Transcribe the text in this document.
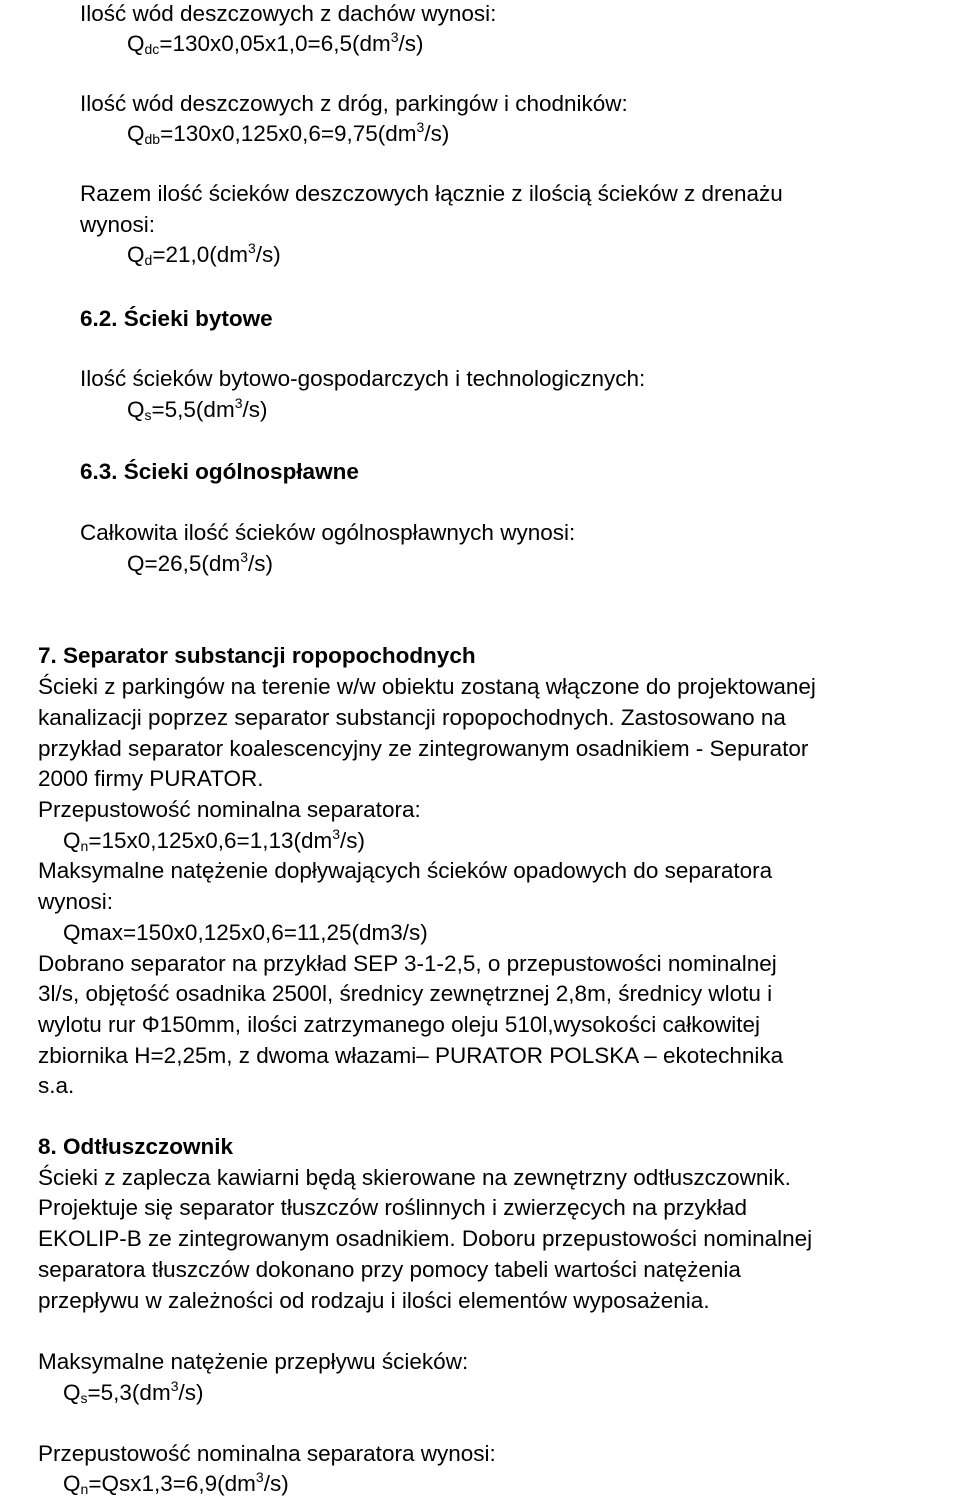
Ilość wód deszczowych z dachów wynosi:
$Q_{dc}=130x0,05x1,0=6,5(dm^3/s)$
Ilość wód deszczowych z dróg, parkingów i chodników:
$Q_{db}=130x0,125x0,6=9,75(dm^3/s)$
Razem ilość ścieków deszczowych łącznie z ilością ścieków z drenażu
wynosi:
$Q_d=21,0(dm^3/s)$
6.2. Ścieki bytowe
Ilość ścieków bytowo-gospodarczych i technologicznych:
$Q_s=5,5(dm^3/s)$
6.3. Ścieki ogólnospławne
Całkowita ilość ścieków ogólnospławnych wynosi:
$Q=26,5(dm^3/s)$
7. Separator substancji ropopochodnych
Ścieki z parkingów na terenie w/w obiektu zostaną włączone do projektowanej
kanalizacji poprzez separator substancji ropopochodnych. Zastosowano na
przykład separator koalescencyjny ze zintegrowanym osadnikiem - Sepurator
2000 firmy PURATOR.
Przepustowość nominalna separatora:
$Q_n=15x0,125x0,6=1,13(dm^3/s)$
Maksymalne natężenie dopływających ścieków opadowych do separatora
wynosi:
Qmax=150x0,125x0,6=11,25(dm3/s)
Dobrano separator na przykład SEP 3-1-2,5, o przepustowości nominalnej
3l/s, objętość osadnika 2500l, średnicy zewnętrznej 2,8m, średnicy wlotu i
wylotu rur Φ150mm, ilości zatrzymanego oleju 510l,wysokości całkowitej
zbiornika H=2,25m, z dwoma włazami– PURATOR POLSKA – ekotechnika
s.a.
8. Odtłuszczownik
Ścieki z zaplecza kawiarni będą skierowane na zewnętrzny odtłuszczownik.
Projektuje się separator tłuszczów roślinnych i zwierzęcych na przykład
EKOLIP-B ze zintegrowanym osadnikiem. Doboru przepustowości nominalnej
separatora tłuszczów dokonano przy pomocy tabeli wartości natężenia
przepływu w zależności od rodzaju i ilości elementów wyposażenia.
Maksymalne natężenie przepływu ścieków:
$Q_s=5,3(dm^3/s)$
Przepustowość nominalna separatora wynosi:
$Q_n=Qsx1,3=6,9(dm^3/s)$
